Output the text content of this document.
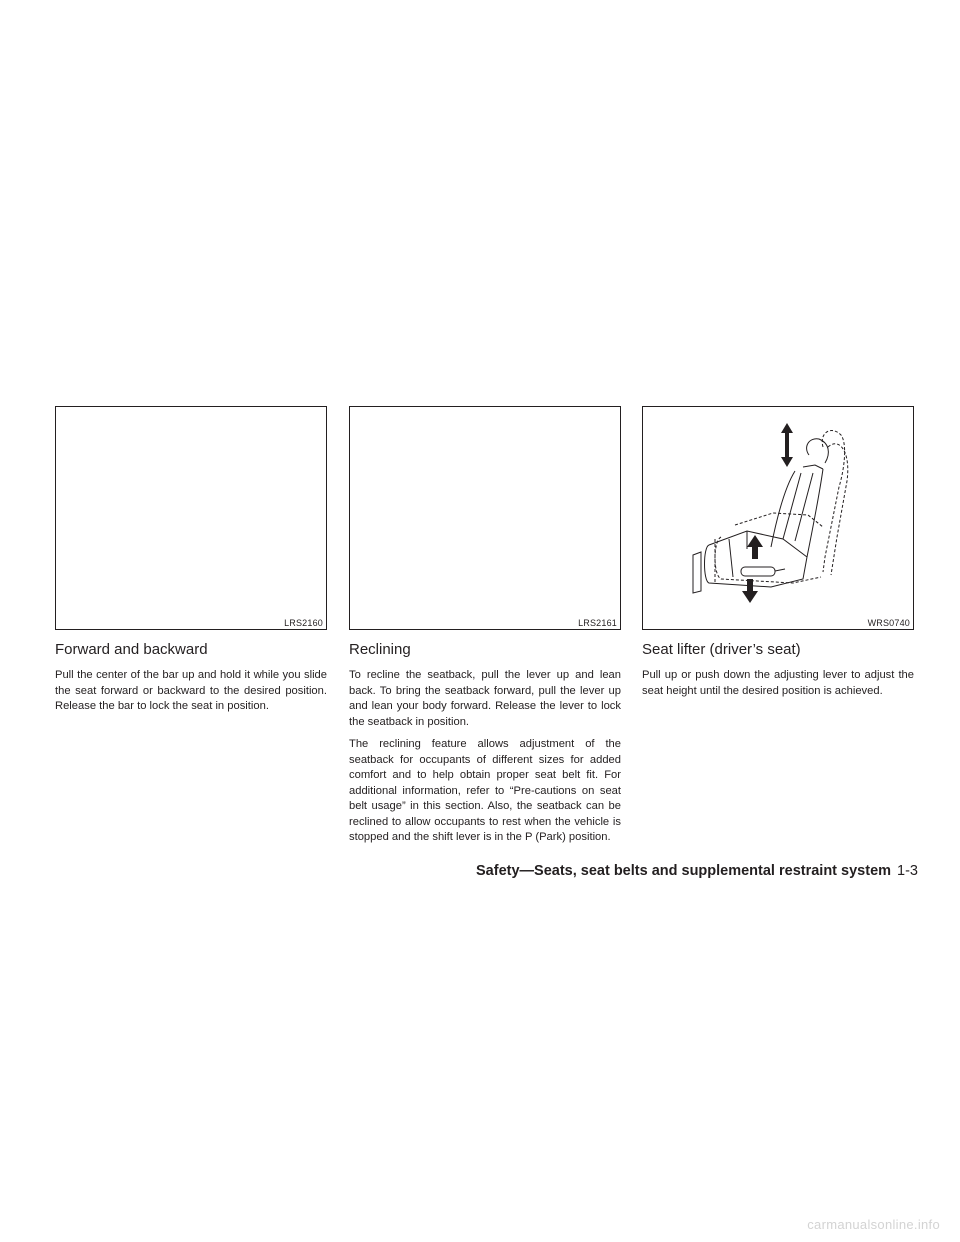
LRS2160
Forward and backward

Pull the center of the bar up and hold it while you slide the seat forward or backward to the desired position. Release the bar to lock the seat in position.

LRS2161
Reclining

To recline the seatback, pull the lever up and lean back. To bring the seatback forward, pull the lever up and lean your body forward. Release the lever to lock the seatback in position.

The reclining feature allows adjustment of the seatback for occupants of different sizes for added comfort and to help obtain proper seat belt fit. For additional information, refer to “Pre-cautions on seat belt usage” in this section. Also, the seatback can be reclined to allow occupants to rest when the vehicle is stopped and the shift lever is in the P (Park) position.

WRS0740
Seat lifter (driver’s seat)

Pull up or push down the adjusting lever to adjust the seat height until the desired position is achieved.

Safety—Seats, seat belts and supplemental restraint system 1-3
carmanualsonline.info
